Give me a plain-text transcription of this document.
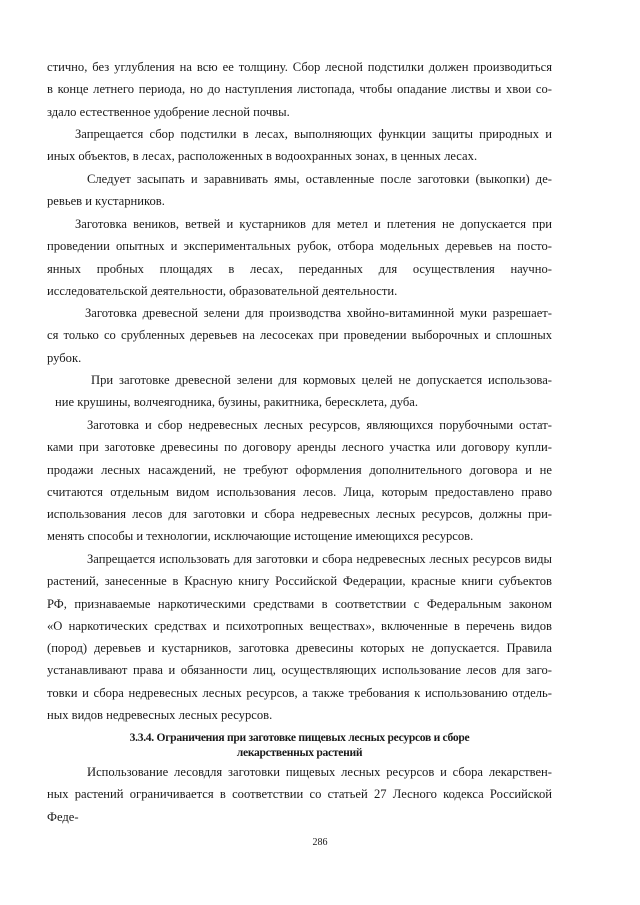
стично, без углубления на всю ее толщину. Сбор лесной подстилки должен производиться
в конце летнего периода, но до наступления листопада, чтобы опадание листвы и хвои со-
здало естественное удобрение лесной почвы.
Запрещается сбор подстилки в лесах, выполняющих функции защиты природных и
иных объектов, в лесах, расположенных в водоохранных зонах, в ценных лесах.
Следует засыпать и заравнивать ямы, оставленные после заготовки (выкопки) де-
ревьев и кустарников.
Заготовка веников, ветвей и кустарников для метел и плетения не допускается при
проведении опытных и экспериментальных рубок, отбора модельных деревьев на посто-
янных пробных площадях в лесах, переданных для осуществления научно-
исследовательской деятельности, образовательной деятельности.
Заготовка древесной зелени для производства хвойно-витаминной муки разрешает-
ся только со срубленных деревьев на лесосеках при проведении выборочных и сплошных
рубок.
При заготовке древесной зелени для кормовых целей не допускается использова-
ние крушины, волчеягодника, бузины, ракитника, бересклета, дуба.
Заготовка и сбор недревесных лесных ресурсов, являющихся порубочными остат-
ками при заготовке древесины по договору аренды лесного участка или договору купли-
продажи лесных насаждений, не требуют оформления дополнительного договора и не
считаются отдельным видом использования лесов. Лица, которым предоставлено право
использования лесов для заготовки и сбора недревесных лесных ресурсов, должны при-
менять способы и технологии, исключающие истощение имеющихся ресурсов.
Запрещается использовать для заготовки и сбора недревесных лесных ресурсов виды
растений, занесенные в Красную книгу Российской Федерации, красные книги субъектов
РФ, признаваемые наркотическими средствами в соответствии с Федеральным законом
«О наркотических средствах и психотропных веществах», включенные в перечень видов
(пород) деревьев и кустарников, заготовка древесины которых не допускается. Правила
устанавливают права и обязанности лиц, осуществляющих использование лесов для заго-
товки и сбора недревесных лесных ресурсов, а также требования к использованию отдель-
ных видов недревесных лесных ресурсов.
3.3.4. Ограничения при заготовке пищевых лесных ресурсов и сборе
лекарственных растений
Использование лесовдля заготовки пищевых лесных ресурсов и сбора лекарствен-
ных растений ограничивается в соответствии со статьей 27 Лесного кодекса Российской Феде-
286
